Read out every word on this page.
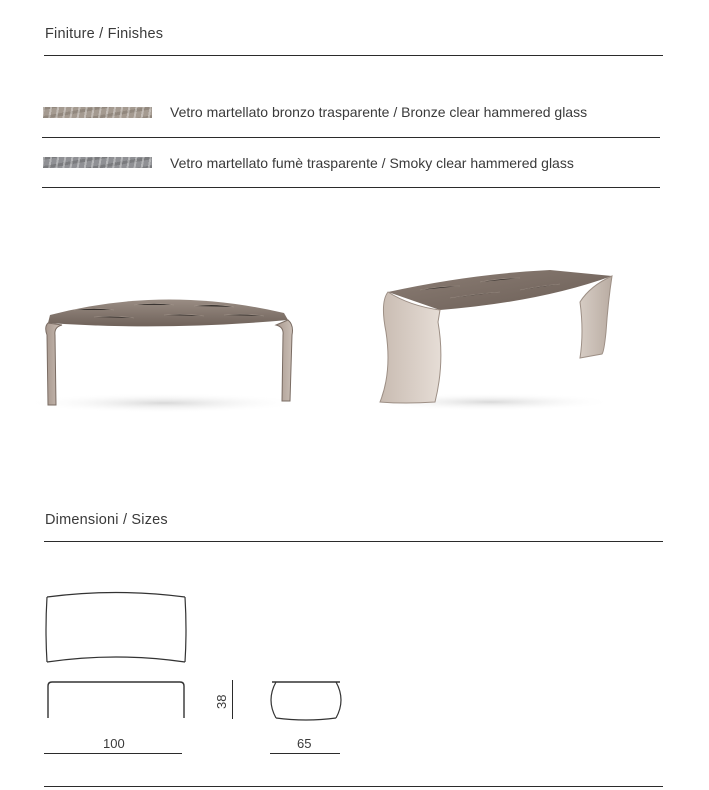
Finiture / Finishes
Vetro martellato bronzo trasparente / Bronze clear hammered glass
Vetro martellato fumè trasparente / Smoky clear hammered glass
Dimensioni / Sizes
38
100	65
